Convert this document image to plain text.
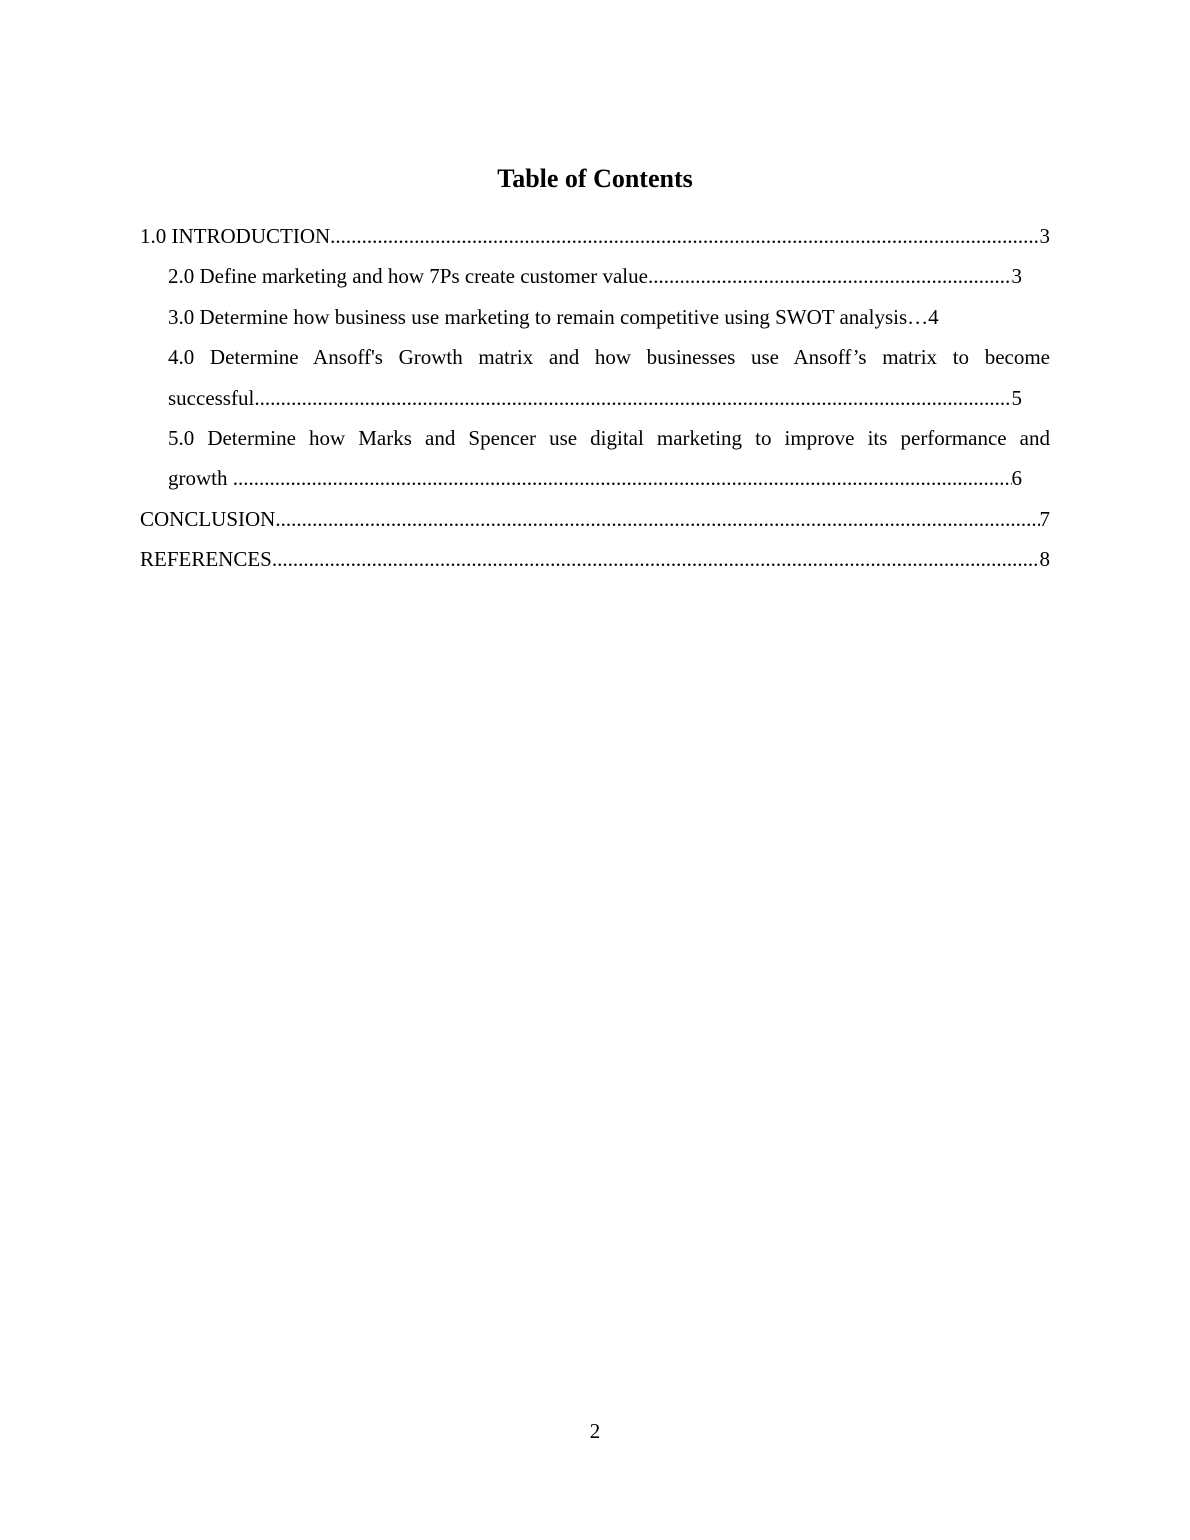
Table of Contents
1.0 INTRODUCTION .....	3
2.0 Define marketing and how 7Ps create customer value .....	3
3.0 Determine how business use marketing to remain competitive using SWOT analysis…4
4.0 Determine Ansoff's Growth matrix and how businesses use Ansoff’s matrix to become
successful .....	5
5.0 Determine how Marks and Spencer use digital marketing to improve its performance and
growth .....	6
CONCLUSION .....	7
REFERENCES .....	8
2
